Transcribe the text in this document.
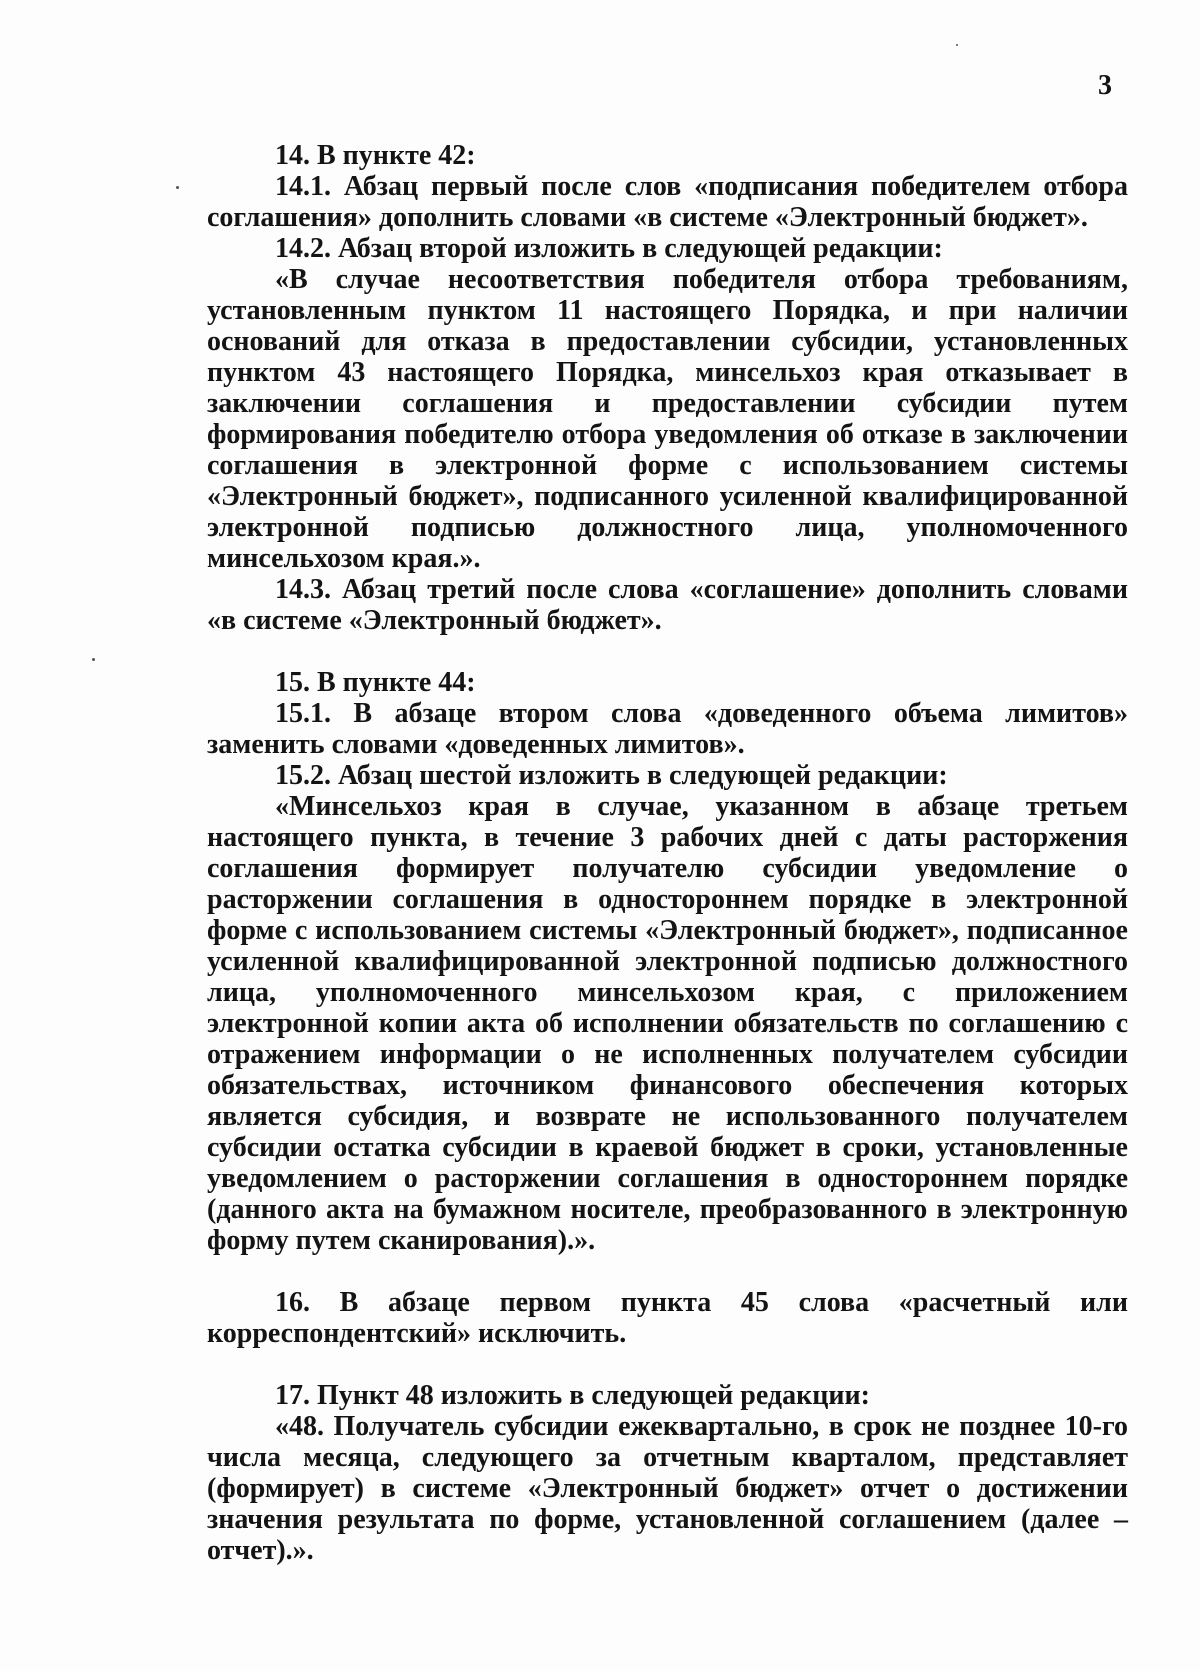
3

14. В пункте 42:

14.1. Абзац первый после слов «подписания победителем отбора соглашения» дополнить словами «в системе «Электронный бюджет».

14.2. Абзац второй изложить в следующей редакции:

«В случае несоответствия победителя отбора требованиям, установленным пунктом 11 настоящего Порядка, и при наличии оснований для отказа в предоставлении субсидии, установленных пунктом 43 настоящего Порядка, минсельхоз края отказывает в заключении соглашения и предоставлении субсидии путем формирования победителю отбора уведомления об отказе в заключении соглашения в электронной форме с использованием системы «Электронный бюджет», подписанного усиленной квалифицированной электронной подписью должностного лица, уполномоченного минсельхозом края.».

14.3. Абзац третий после слова «соглашение» дополнить словами «в системе «Электронный бюджет».

15. В пункте 44:

15.1. В абзаце втором слова «доведенного объема лимитов» заменить словами «доведенных лимитов».

15.2. Абзац шестой изложить в следующей редакции:

«Минсельхоз края в случае, указанном в абзаце третьем настоящего пункта, в течение 3 рабочих дней с даты расторжения соглашения формирует получателю субсидии уведомление о расторжении соглашения в одностороннем порядке в электронной форме с использованием системы «Электронный бюджет», подписанное усиленной квалифицированной электронной подписью должностного лица, уполномоченного минсельхозом края, с приложением электронной копии акта об исполнении обязательств по соглашению с отражением информации о не исполненных получателем субсидии обязательствах, источником финансового обеспечения которых является субсидия, и возврате не использованного получателем субсидии остатка субсидии в краевой бюджет в сроки, установленные уведомлением о расторжении соглашения в одностороннем порядке (данного акта на бумажном носителе, преобразованного в электронную форму путем сканирования).».

16. В абзаце первом пункта 45 слова «расчетный или корреспондентский» исключить.

17. Пункт 48 изложить в следующей редакции:

«48. Получатель субсидии ежеквартально, в срок не позднее 10-го числа месяца, следующего за отчетным кварталом, представляет (формирует) в системе «Электронный бюджет» отчет о достижении значения результата по форме, установленной соглашением (далее – отчет).».
